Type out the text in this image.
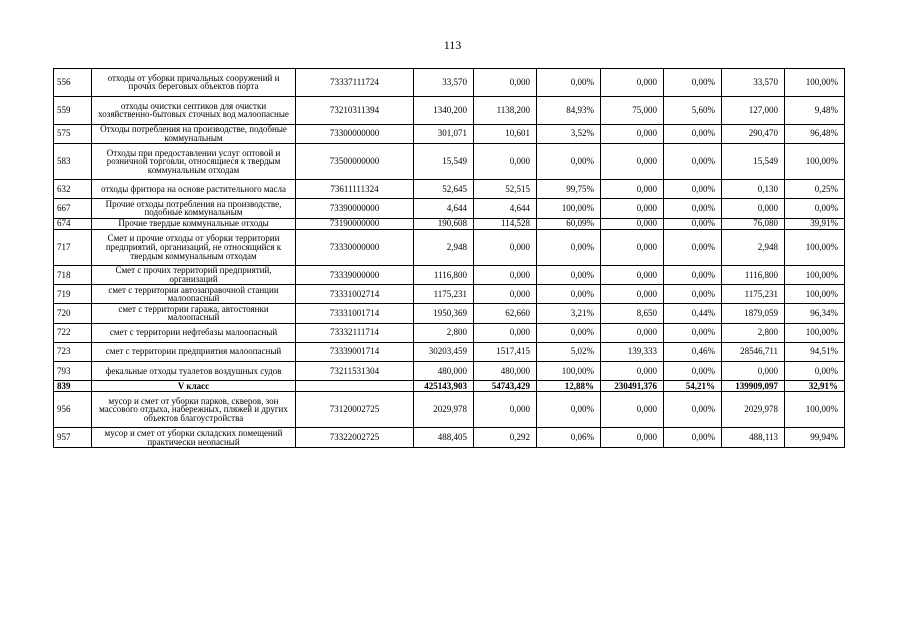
113
556	отходы от уборки причальных сооружений и прочих береговых объектов порта	73337111724	33,570	0,000	0,00%	0,000	0,00%	33,570	100,00%
559	отходы очистки септиков для очистки хозяйственно-бытовых сточных вод малоопасные	73210311394	1340,200	1138,200	84,93%	75,000	5,60%	127,000	9,48%
575	Отходы потребления на производстве, подобные коммунальным	73300000000	301,071	10,601	3,52%	0,000	0,00%	290,470	96,48%
583	Отходы при предоставлении услуг оптовой и розничной торговли, относящиеся к твердым коммунальным отходам	73500000000	15,549	0,000	0,00%	0,000	0,00%	15,549	100,00%
632	отходы фритюра на основе растительного масла	73611111324	52,645	52,515	99,75%	0,000	0,00%	0,130	0,25%
667	Прочие отходы потребления на производстве, подобные коммунальным	73390000000	4,644	4,644	100,00%	0,000	0,00%	0,000	0,00%
674	Прочие твердые коммунальные отходы	73190000000	190,608	114,528	60,09%	0,000	0,00%	76,080	39,91%
717	Смет и прочие отходы от уборки территории предприятий, организаций, не относящийся к твердым коммунальным отходам	73330000000	2,948	0,000	0,00%	0,000	0,00%	2,948	100,00%
718	Смет с прочих территорий предприятий, организаций	73339000000	1116,800	0,000	0,00%	0,000	0,00%	1116,800	100,00%
719	смет с территории автозаправочной станции малоопасный	73331002714	1175,231	0,000	0,00%	0,000	0,00%	1175,231	100,00%
720	смет с территории гаража, автостоянки малоопасный	73331001714	1950,369	62,660	3,21%	8,650	0,44%	1879,059	96,34%
722	смет с территории нефтебазы малоопасный	73332111714	2,800	0,000	0,00%	0,000	0,00%	2,800	100,00%
723	смет с территории предприятия малоопасный	73339001714	30203,459	1517,415	5,02%	139,333	0,46%	28546,711	94,51%
793	фекальные отходы туалетов воздушных судов	73211531304	480,000	480,000	100,00%	0,000	0,00%	0,000	0,00%
839	V класс		425143,903	54743,429	12,88%	230491,376	54,21%	139909,097	32,91%
956	мусор и смет от уборки парков, скверов, зон массового отдыха, набережных, пляжей и других объектов благоустройства	73120002725	2029,978	0,000	0,00%	0,000	0,00%	2029,978	100,00%
957	мусор и смет от уборки складских помещений практически неопасный	73322002725	488,405	0,292	0,06%	0,000	0,00%	488,113	99,94%
